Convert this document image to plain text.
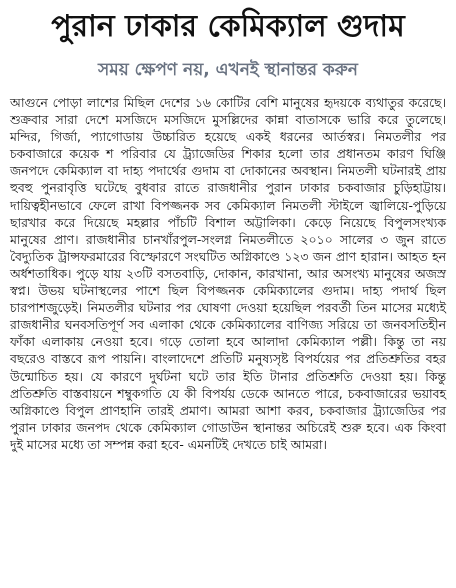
পুরান ঢাকার কেমিক্যাল গুদাম
সময় ক্ষেপণ নয়, এখনই স্থানান্তর করুন

আগুনে পোড়া লাশের মিছিল দেশের ১৬ কোটির বেশি মানুষের হৃদয়কে ব্যথাতুর করেছে। শুক্রবার সারা দেশে মসজিদে মসজিদে মুসল্লিদের কান্না বাতাসকে ভারি করে তুলেছে। মন্দির, গির্জা, প্যাগোডায় উচ্চারিত হয়েছে একই ধরনের আর্তস্বর। নিমতলীর পর চকবাজারে কয়েক শ পরিবার যে ট্র্যাজেডির শিকার হলো তার প্রধানতম কারণ ঘিঞ্জি জনপদে কেমিক্যাল বা দাহ্য পদার্থের গুদাম বা দোকানের অবস্থান। নিমতলী ঘটনারই প্রায় হুবহু পুনরাবৃত্তি ঘটেছে বুধবার রাতে রাজধানীর পুরান ঢাকার চকবাজার চুড়িহাট্টায়। দায়িত্বহীনভাবে ফেলে রাখা বিপজ্জনক সব কেমিক্যাল নিমতলী স্টাইলে জ্বালিয়ে-পুড়িয়ে ছারখার করে দিয়েছে মহল্লার পাঁচটি বিশাল অট্টালিকা। কেড়ে নিয়েছে বিপুলসংখ্যক মানুষের প্রাণ। রাজধানীর চানখাঁরপুল-সংলগ্ন নিমতলীতে ২০১০ সালের ৩ জুন রাতে বৈদ্যুতিক ট্রান্সফরমারের বিস্ফোরণে সংঘটিত অগ্নিকাণ্ডে ১২৩ জন প্রাণ হারান। আহত হন অর্ধশতাধিক। পুড়ে যায় ২৩টি বসতবাড়ি, দোকান, কারখানা, আর অসংখ্য মানুষের অজস্র স্বপ্ন। উভয় ঘটনাস্থলের পাশে ছিল বিপজ্জনক কেমিক্যালের গুদাম। দাহ্য পদার্থ ছিল চারপাশজুড়েই। নিমতলীর ঘটনার পর ঘোষণা দেওয়া হয়েছিল পরবর্তী তিন মাসের মধ্যেই রাজধানীর ঘনবসতিপূর্ণ সব এলাকা থেকে কেমিক্যালের বাণিজ্য সরিয়ে তা জনবসতিহীন ফাঁকা এলাকায় নেওয়া হবে। গড়ে তোলা হবে আলাদা কেমিক্যাল পল্লী। কিন্তু তা নয় বছরেও বাস্তবে রূপ পায়নি। বাংলাদেশে প্রতিটি মনুষ্যসৃষ্ট বিপর্যয়ের পর প্রতিশ্রুতির বহর উন্মোচিত হয়। যে কারণে দুর্ঘটনা ঘটে তার ইতি টানার প্রতিশ্রুতি দেওয়া হয়। কিন্তু প্রতিশ্রুতি বাস্তবায়নে শম্বুকগতি যে কী বিপর্যয় ডেকে আনতে পারে, চকবাজারের ভয়াবহ অগ্নিকাণ্ডে বিপুল প্রাণহানি তারই প্রমাণ। আমরা আশা করব, চকবাজার ট্র্যাজেডির পর পুরান ঢাকার জনপদ থেকে কেমিক্যাল গোডাউন স্থানান্তর অচিরেই শুরু হবে। এক কিংবা দুই মাসের মধ্যে তা সম্পন্ন করা হবে- এমনটিই দেখতে চাই আমরা।
